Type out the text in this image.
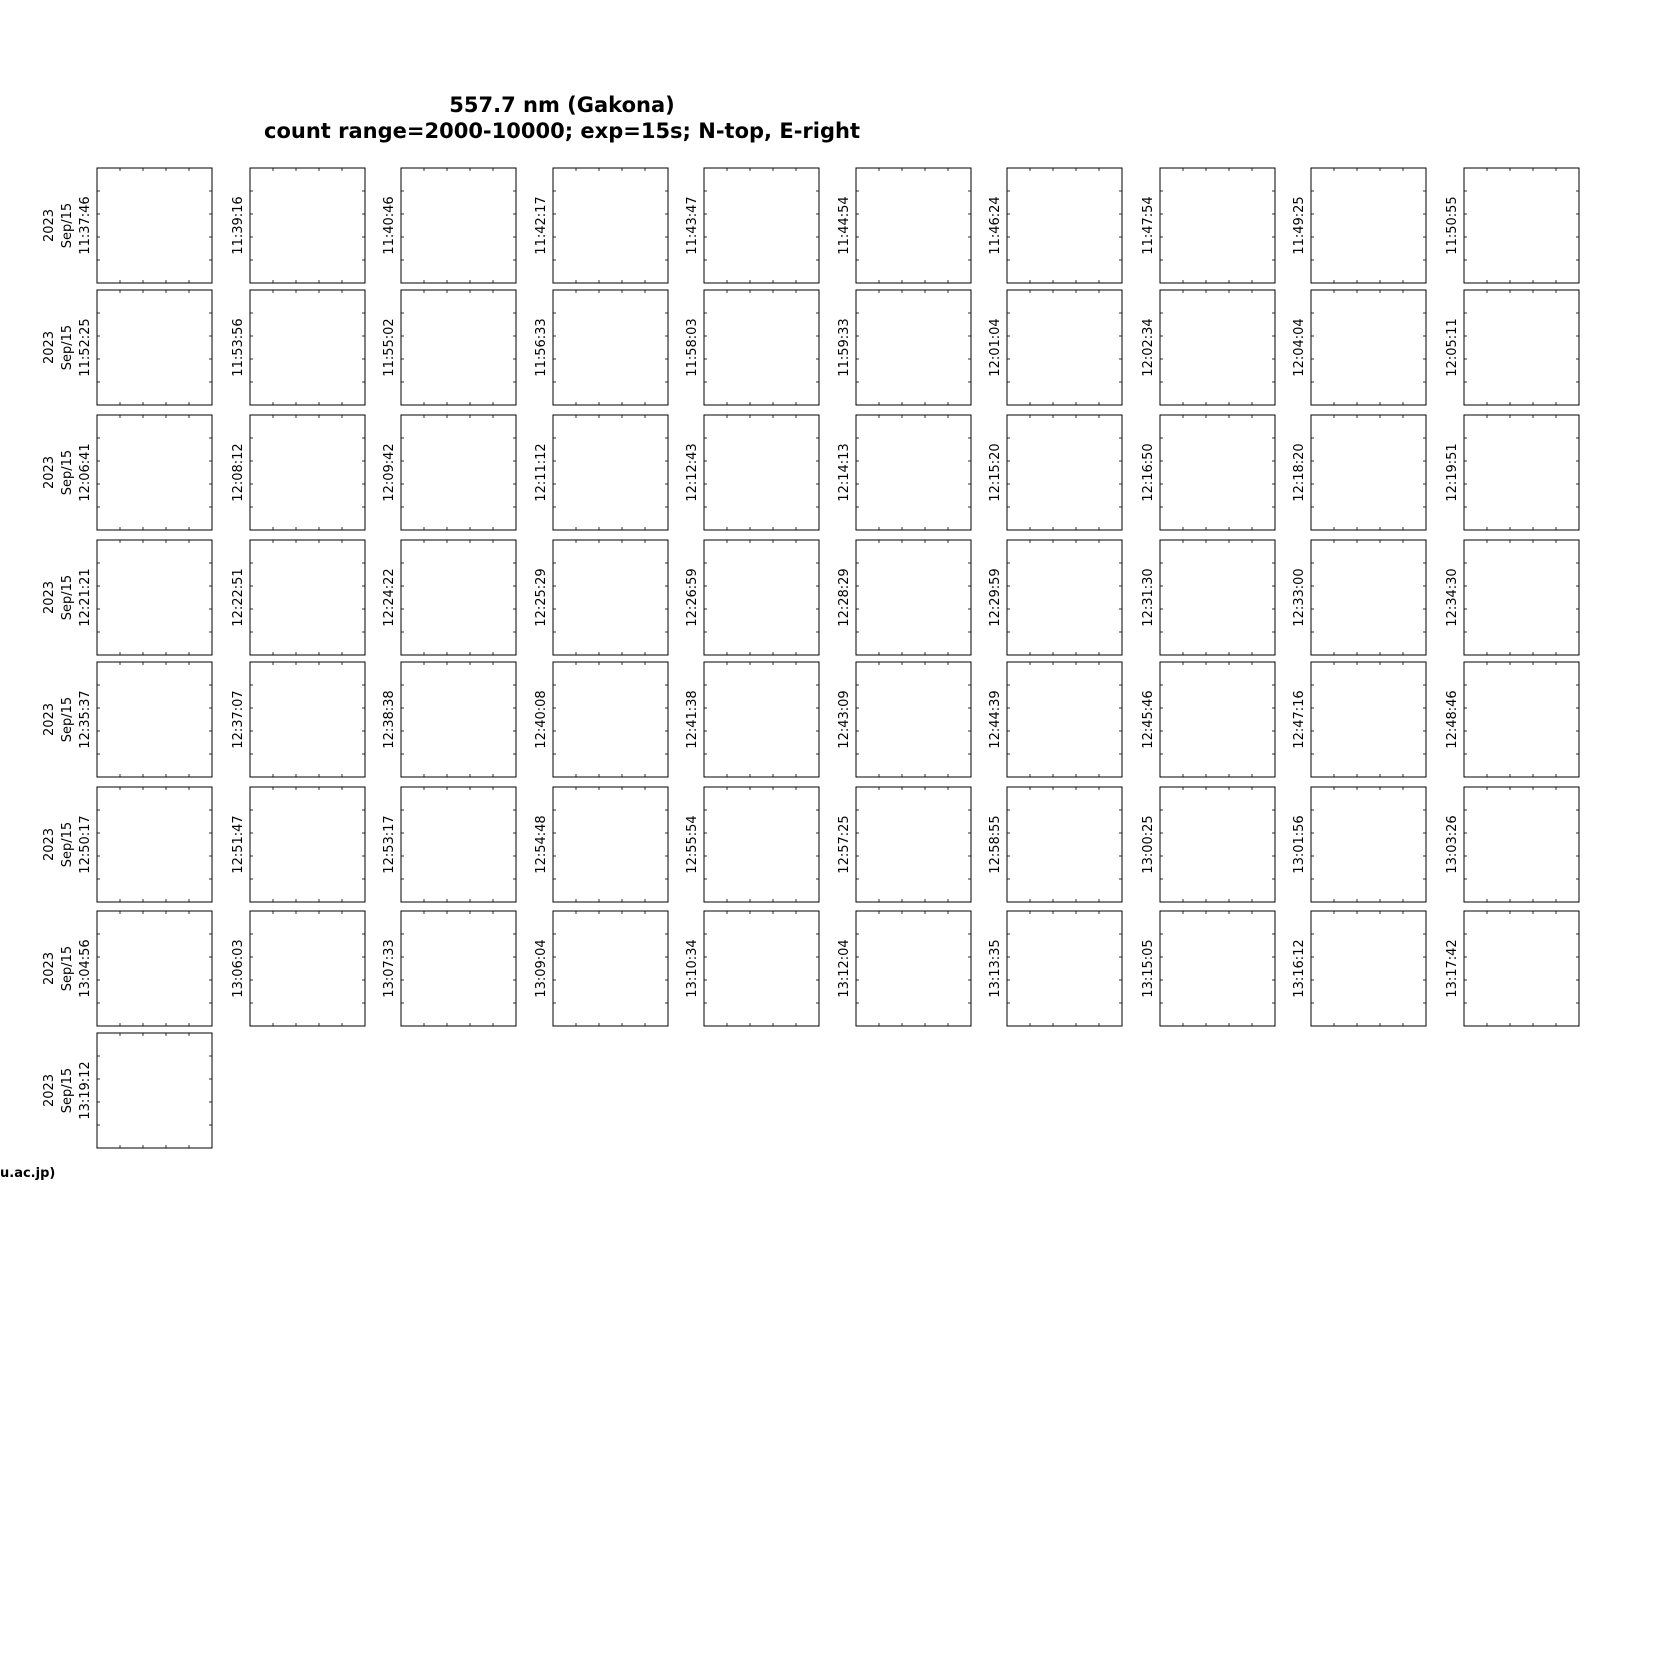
557.7 nm (Gakona)
count range=2000-10000; exp=15s; N-top, E-right
2023 Sep/15 11:37:46	11:39:16	11:40:46	11:42:17	11:43:47	11:44:54	11:46:24	11:47:54	11:49:25	11:50:55
2023 Sep/15 11:52:25	11:53:56	11:55:02	11:56:33	11:58:03	11:59:33	12:01:04	12:02:34	12:04:04	12:05:11
2023 Sep/15 12:06:41	12:08:12	12:09:42	12:11:12	12:12:43	12:14:13	12:15:20	12:16:50	12:18:20	12:19:51
2023 Sep/15 12:21:21	12:22:51	12:24:22	12:25:29	12:26:59	12:28:29	12:29:59	12:31:30	12:33:00	12:34:30
2023 Sep/15 12:35:37	12:37:07	12:38:38	12:40:08	12:41:38	12:43:09	12:44:39	12:45:46	12:47:16	12:48:46
2023 Sep/15 12:50:17	12:51:47	12:53:17	12:54:48	12:55:54	12:57:25	12:58:55	13:00:25	13:01:56	13:03:26
2023 Sep/15 13:04:56	13:06:03	13:07:33	13:09:04	13:10:34	13:12:04	13:13:35	13:15:05	13:16:12	13:17:42
2023 Sep/15 13:19:12
u.ac.jp)
